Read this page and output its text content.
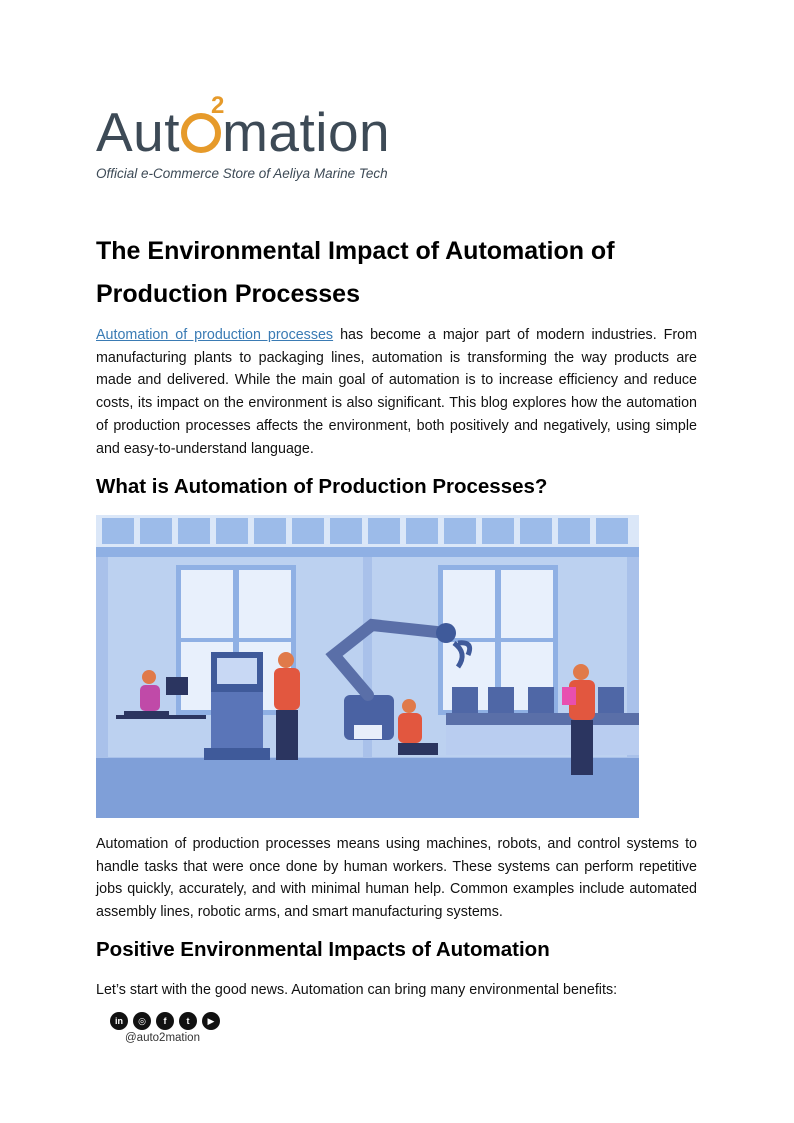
Aut mation
2
Official e-Commerce Store of Aeliya Marine Tech
The Environmental Impact of Automation of Production Processes

Automation of production processes has become a major part of modern industries. From manufacturing plants to packaging lines, automation is transforming the way products are made and delivered. While the main goal of automation is to increase efficiency and reduce costs, its impact on the environment is also significant. This blog explores how the automation of production processes affects the environment, both positively and negatively, using simple and easy-to-understand language.

What is Automation of Production Processes?

Automation of production processes means using machines, robots, and control systems to handle tasks that were once done by human workers. These systems can perform repetitive jobs quickly, accurately, and with minimal human help. Common examples include automated assembly lines, robotic arms, and smart manufacturing systems.

Positive Environmental Impacts of Automation

Let’s start with the good news. Automation can bring many environmental benefits:

in	◎	f	t	▶
@auto2mation
